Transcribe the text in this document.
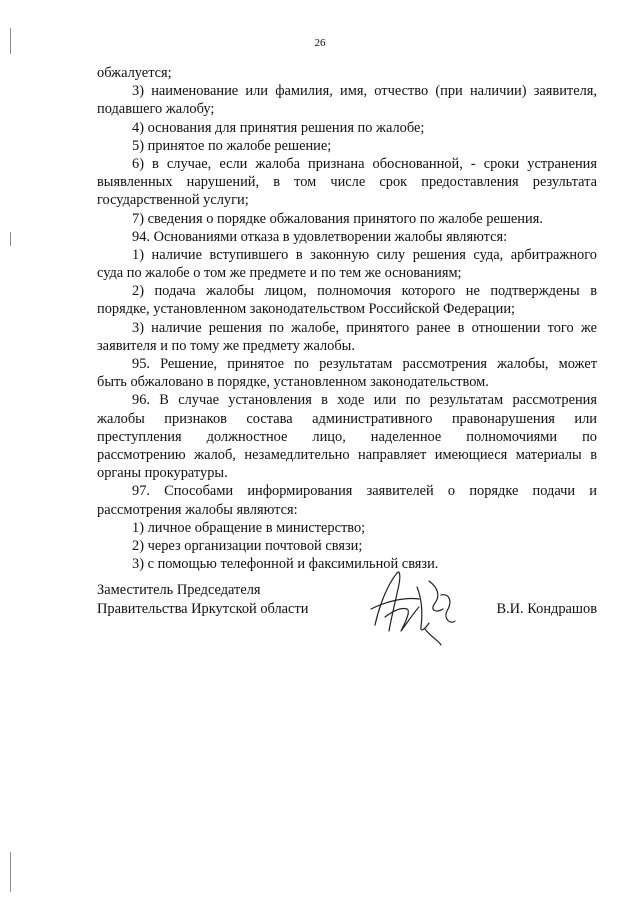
26
обжалуется;
3) наименование или фамилия, имя, отчество (при наличии) заявителя,
подавшего жалобу;
4) основания для принятия решения по жалобе;
5) принятое по жалобе решение;
6) в случае, если жалоба признана обоснованной, - сроки устранения
выявленных нарушений, в том числе срок предоставления результата
государственной услуги;
7) сведения о порядке обжалования принятого по жалобе решения.
94. Основаниями отказа в удовлетворении жалобы являются:
1) наличие вступившего в законную силу решения суда, арбитражного
суда по жалобе о том же предмете и по тем же основаниям;
2) подача жалобы лицом, полномочия которого не подтверждены в
порядке, установленном законодательством Российской Федерации;
3) наличие решения по жалобе, принятого ранее в отношении того же
заявителя и по тому же предмету жалобы.
95. Решение, принятое по результатам рассмотрения жалобы, может
быть обжаловано в порядке, установленном законодательством.
96. В случае установления в ходе или по результатам рассмотрения
жалобы признаков состава административного правонарушения или
преступления должностное лицо, наделенное полномочиями по
рассмотрению жалоб, незамедлительно направляет имеющиеся материалы в
органы прокуратуры.
97. Способами информирования заявителей о порядке подачи и
рассмотрения жалобы являются:
1) личное обращение в министерство;
2) через организации почтовой связи;
3) с помощью телефонной и факсимильной связи.
Заместитель Председателя
Правительства Иркутской области	В.И. Кондрашов
